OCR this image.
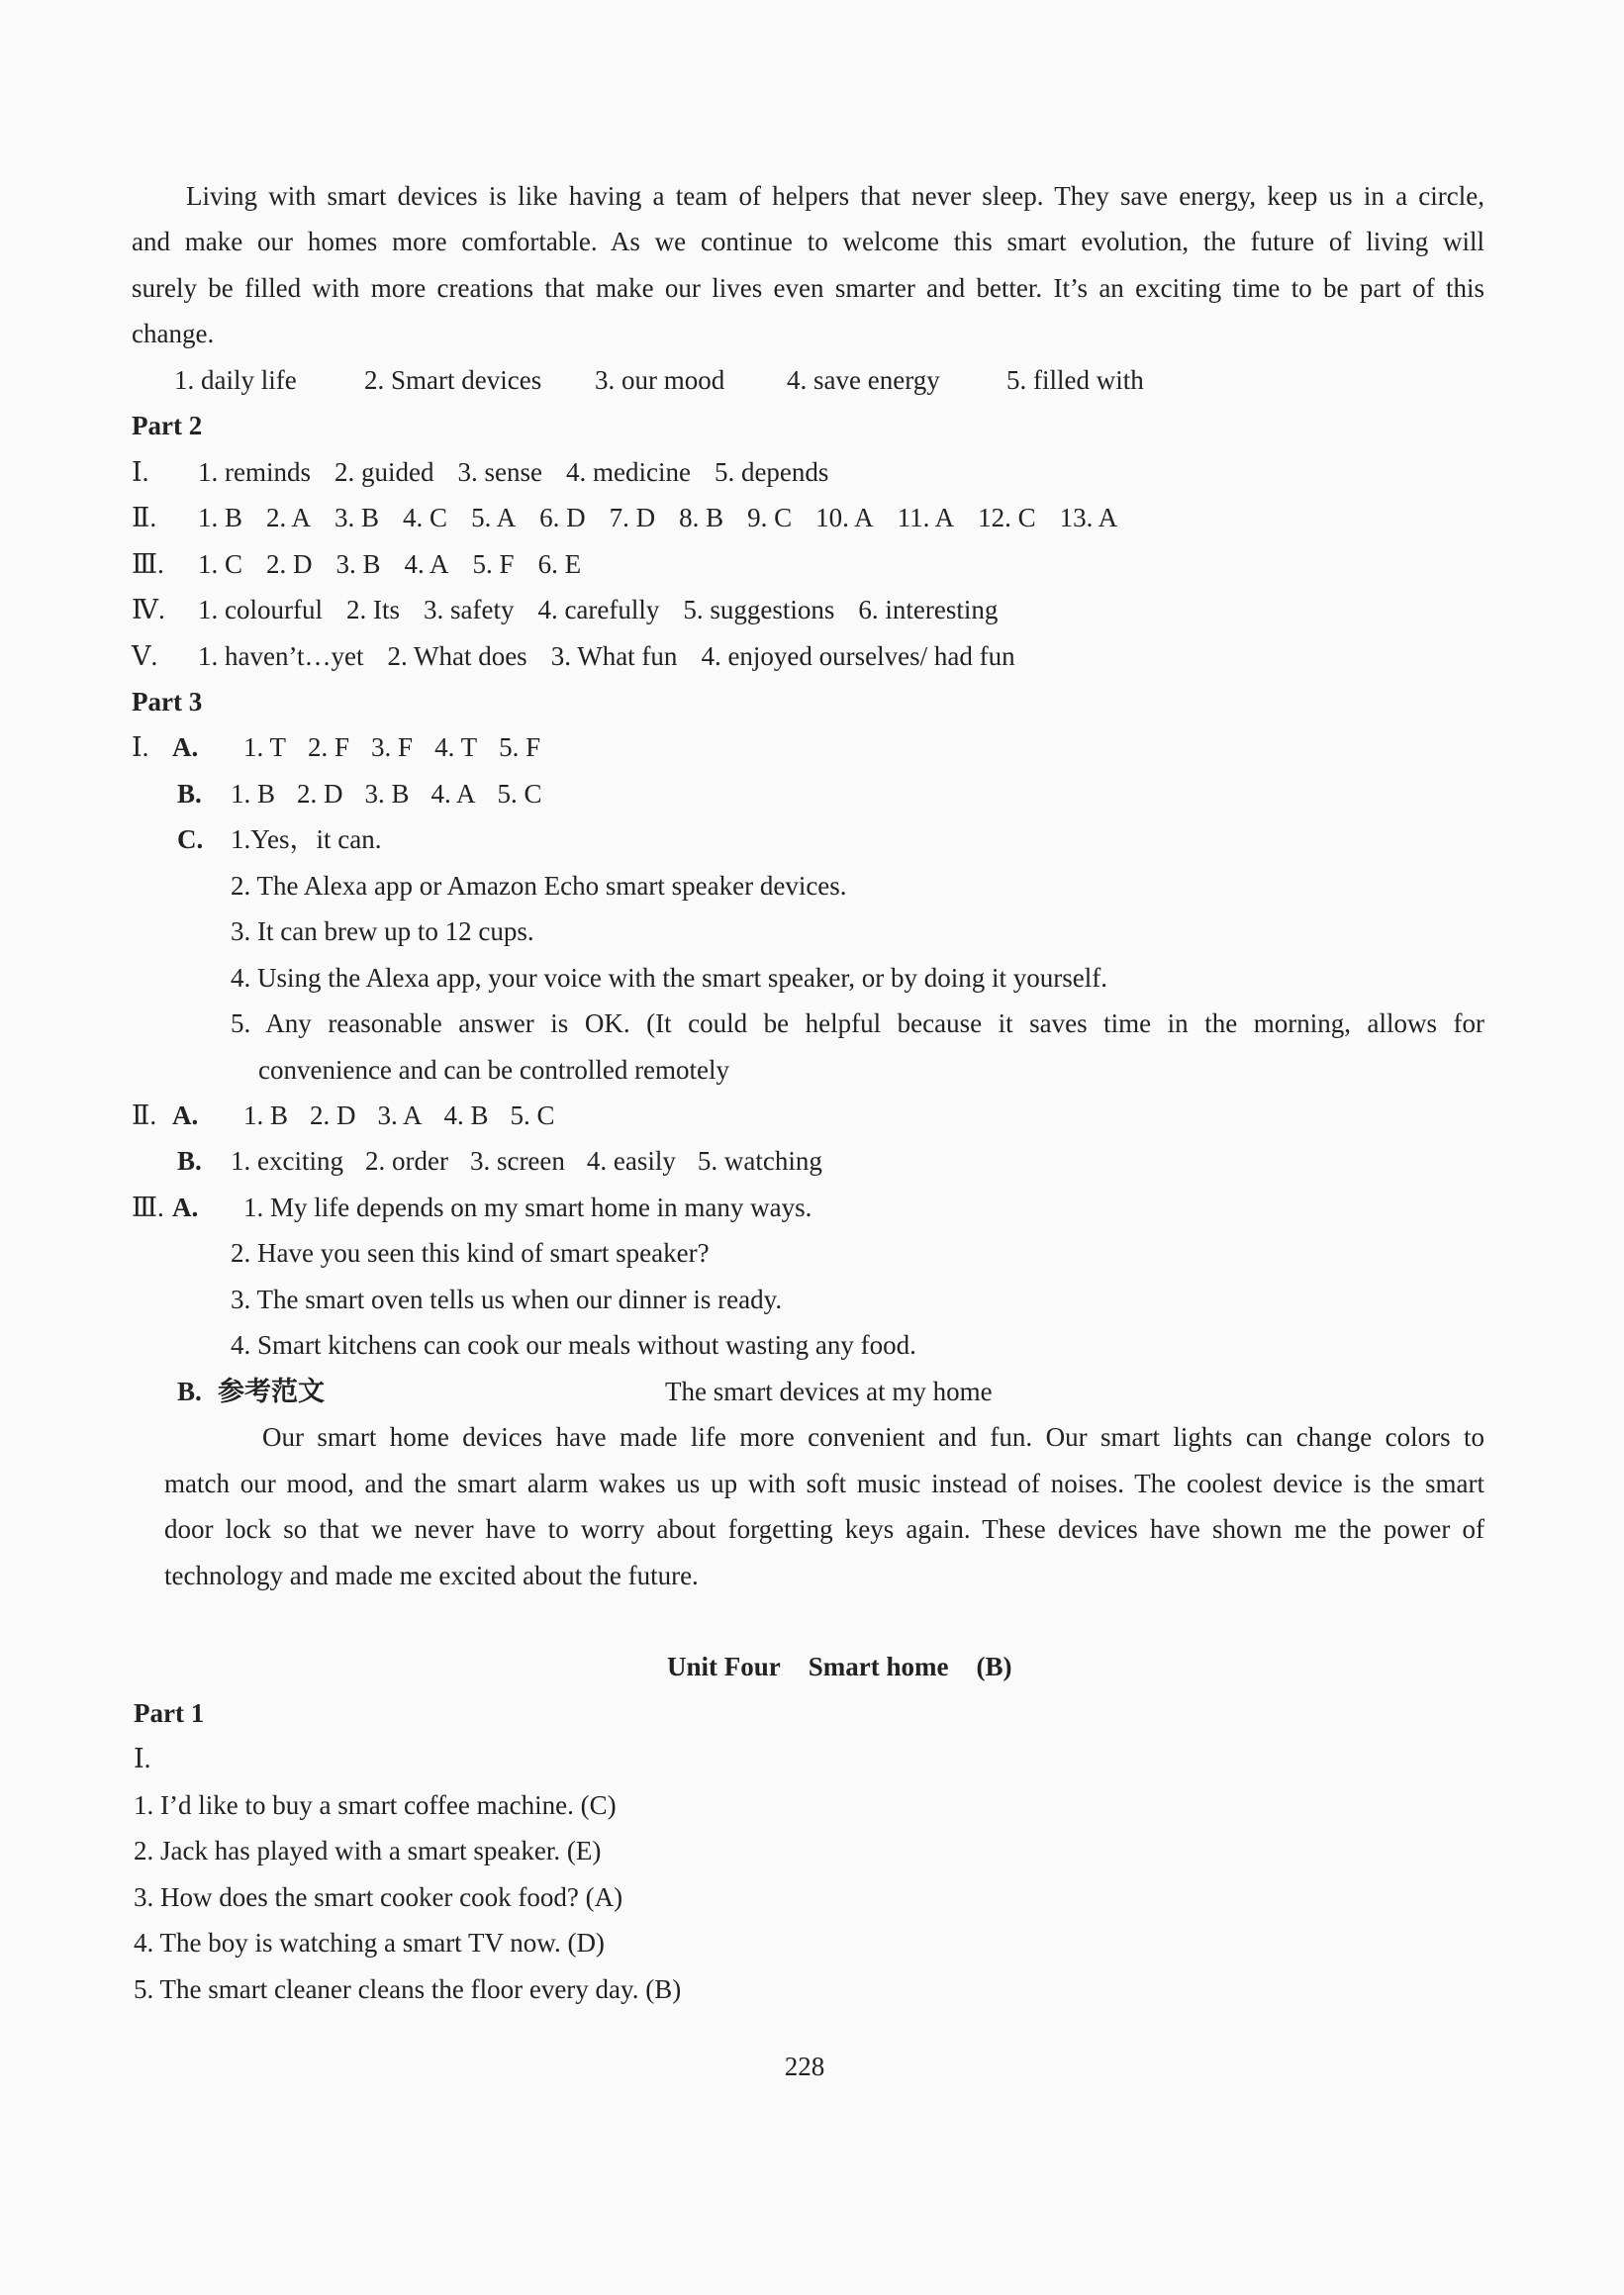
Living with smart devices is like having a team of helpers that never sleep. They save energy, keep us in a circle,
and make our homes more comfortable. As we continue to welcome this smart evolution, the future of living will
surely be filled with more creations that make our lives even smarter and better. It’s an exciting time to be part of this
change.
1. daily life	2. Smart devices 3. our mood 4. save energy 5. filled with
Part 2
Ⅰ.	1. reminds 2. guided 3. sense 4. medicine 5. depends
Ⅱ.	1. B 2. A 3. B 4. C 5. A 6. D 7. D 8. B 9. C 10. A 11. A 12. C 13. A
Ⅲ.	1. C 2. D 3. B 4. A 5. F 6. E
Ⅳ.	1. colourful 2. Its 3. safety 4. carefully 5. suggestions 6. interesting
Ⅴ.	1. haven’t…yet 2. What does 3. What fun 4. enjoyed ourselves/ had fun
Part 3
Ⅰ. A.	1. T 2. F 3. F 4. T 5. F
B. 1. B 2. D 3. B 4. A 5. C
C. 1.Yes，it can.
2. The Alexa app or Amazon Echo smart speaker devices.
3. It can brew up to 12 cups.
4. Using the Alexa app, your voice with the smart speaker, or by doing it yourself.
5. Any reasonable answer is OK. (It could be helpful because it saves time in the morning, allows for
convenience and can be controlled remotely
Ⅱ. A.	1. B 2. D 3. A 4. B 5. C
B. 1. exciting 2. order 3. screen 4. easily 5. watching
Ⅲ. A.	1. My life depends on my smart home in many ways.
2. Have you seen this kind of smart speaker?
3. The smart oven tells us when our dinner is ready.
4. Smart kitchens can cook our meals without wasting any food.
B. 参考范文	The smart devices at my home
Our smart home devices have made life more convenient and fun. Our smart lights can change colors to
match our mood, and the smart alarm wakes us up with soft music instead of noises. The coolest device is the smart
door lock so that we never have to worry about forgetting keys again. These devices have shown me the power of
technology and made me excited about the future.
Unit Four Smart home (B)
Part 1
Ⅰ.
1. I’d like to buy a smart coffee machine. (C)
2. Jack has played with a smart speaker. (E)
3. How does the smart cooker cook food? (A)
4. The boy is watching a smart TV now. (D)
5. The smart cleaner cleans the floor every day. (B)
228
